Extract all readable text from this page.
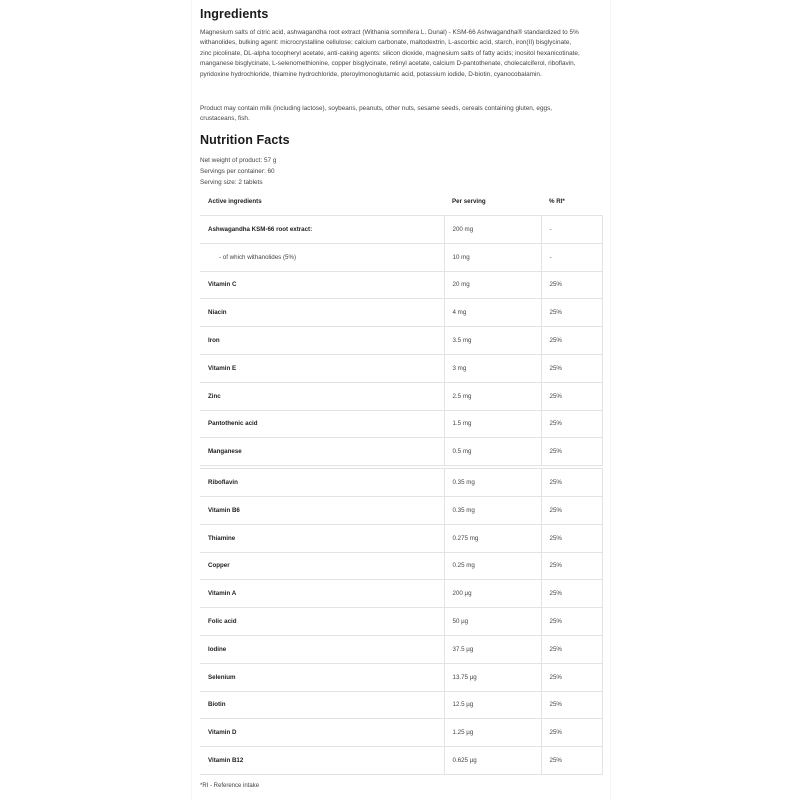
Ingredients

Magnesium salts of citric acid, ashwagandha root extract (Withania somnifera L. Dunal) - KSM-66 Ashwagandha® standardized to 5% withanolides, bulking agent: microcrystalline cellulose; calcium carbonate, maltodextrin, L-ascorbic acid, starch, iron(II) bisglycinate, zinc picolinate, DL-alpha tocopheryl acetate, anti-caking agents: silicon dioxide, magnesium salts of fatty acids; inositol hexanicotinate, manganese bisglycinate, L-selenomethionine, copper bisglycinate, retinyl acetate, calcium D-pantothenate, cholecalciferol, riboflavin, pyridoxine hydrochloride, thiamine hydrochloride, pteroylmonoglutamic acid, potassium iodide, D-biotin, cyanocobalamin.

Product may contain milk (including lactose), soybeans, peanuts, other nuts, sesame seeds, cereals containing gluten, eggs, crustaceans, fish.

Nutrition Facts
Net weight of product: 57 g
Servings per container: 60
Serving size: 2 tablets
Active ingredients	Per serving	% RI*
Ashwagandha KSM-66 root extract:	200 mg	-
- of which withanolides (5%)	10 mg	-
Vitamin C	20 mg	25%
Niacin	4 mg	25%
Iron	3.5 mg	25%
Vitamin E	3 mg	25%
Zinc	2.5 mg	25%
Pantothenic acid	1.5 mg	25%
Manganese	0.5 mg	25%
Riboflavin	0.35 mg	25%
Vitamin B6	0.35 mg	25%
Thiamine	0.275 mg	25%
Copper	0.25 mg	25%
Vitamin A	200 µg	25%
Folic acid	50 µg	25%
Iodine	37.5 µg	25%
Selenium	13.75 µg	25%
Biotin	12.5 µg	25%
Vitamin D	1.25 µg	25%
Vitamin B12	0.625 µg	25%
*RI - Reference intake
